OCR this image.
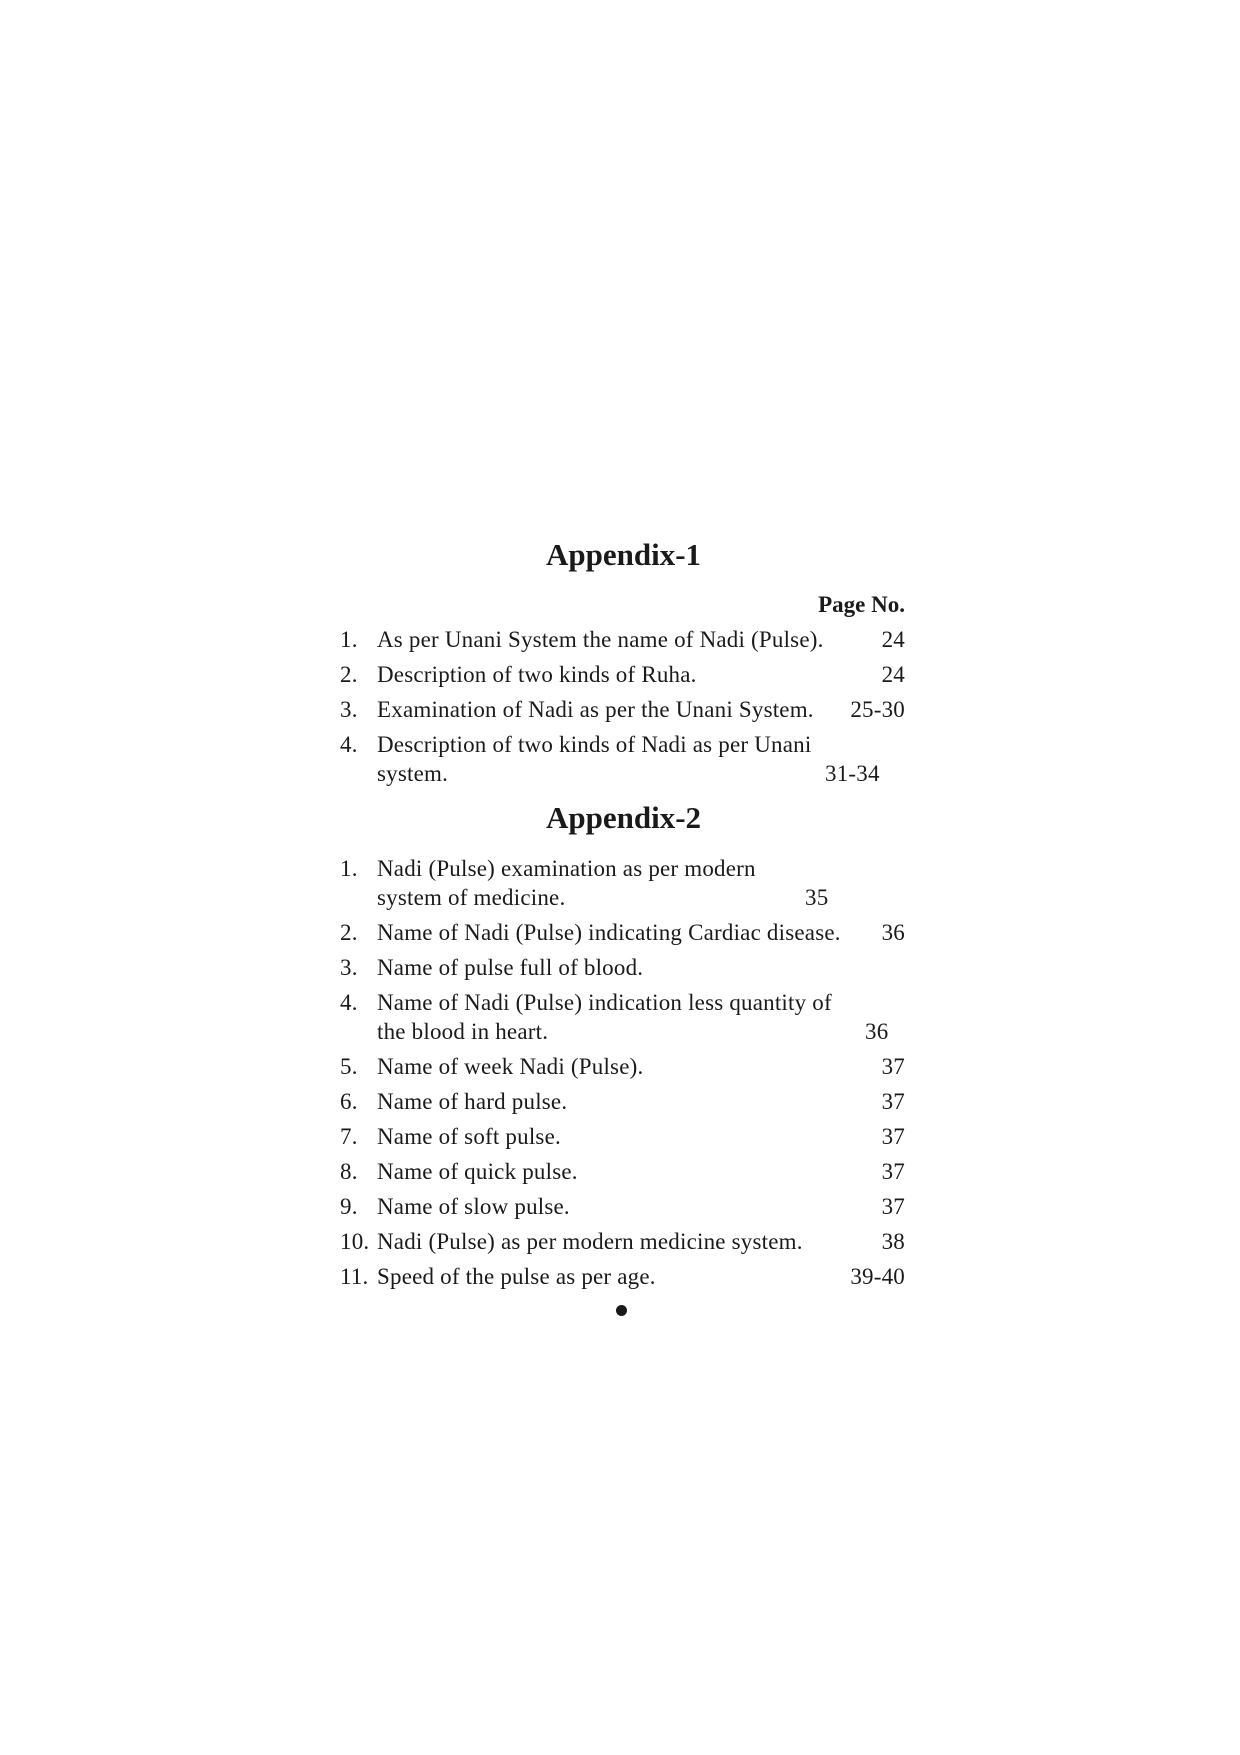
Appendix-1
Page No.
1. As per Unani System the name of Nadi (Pulse).	24
2. Description of two kinds of Ruha.	24
3. Examination of Nadi as per the Unani System.	25-30
4. Description of two kinds of Nadi as per Unani system.	31-34
Appendix-2
1. Nadi (Pulse) examination as per modern system of medicine.	35
2. Name of Nadi (Pulse) indicating Cardiac disease.	36
3. Name of pulse full of blood.
4. Name of Nadi (Pulse) indication less quantity of the blood in heart.	36
5. Name of week Nadi (Pulse).	37
6. Name of hard pulse.	37
7. Name of soft pulse.	37
8. Name of quick pulse.	37
9. Name of slow pulse.	37
10. Nadi (Pulse) as per modern medicine system.	38
11. Speed of the pulse as per age.	39-40
